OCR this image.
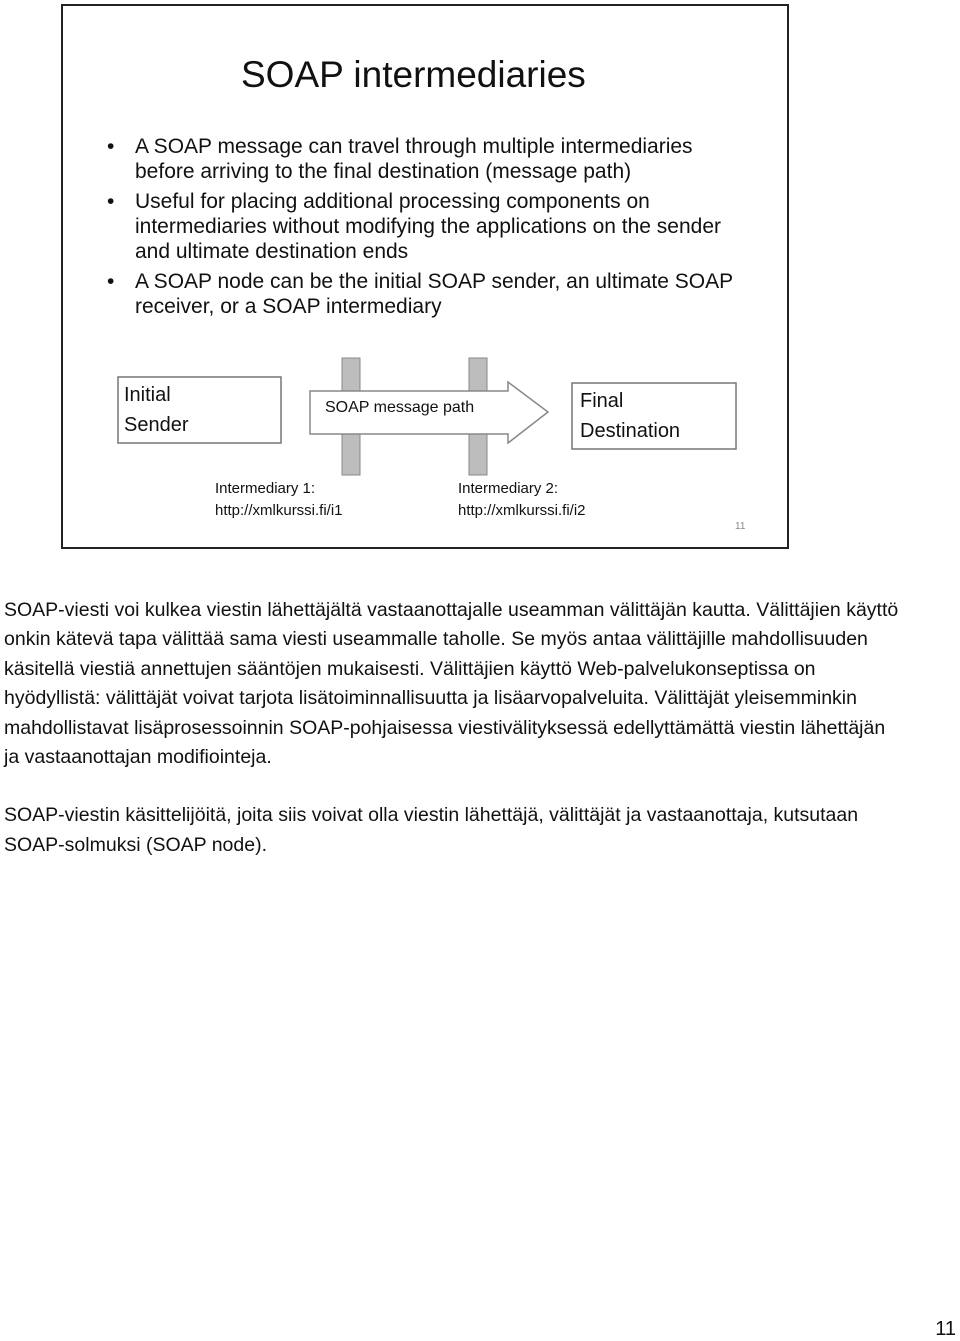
SOAP intermediaries
• A SOAP message can travel through multiple intermediaries before arriving to the final destination (message path)
• Useful for placing additional processing components on intermediaries without modifying the applications on the sender and ultimate destination ends
• A SOAP node can be the initial SOAP sender, an ultimate SOAP receiver, or a SOAP intermediary
Initial
Sender
SOAP message path	Final
Destination
Intermediary 1:
http://xmlkurssi.fi/i1
Intermediary 2:
http://xmlkurssi.fi/i2
11

SOAP-viesti voi kulkea viestin lähettäjältä vastaanottajalle useamman välittäjän kautta. Välittäjien käyttö onkin kätevä tapa välittää sama viesti useammalle taholle. Se myös antaa välittäjille mahdollisuuden käsitellä viestiä annettujen sääntöjen mukaisesti. Välittäjien käyttö Web-palvelukonseptissa on hyödyllistä: välittäjät voivat tarjota lisätoiminnallisuutta ja lisäarvopalveluita. Välittäjät yleisemminkin mahdollistavat lisäprosessoinnin SOAP-pohjaisessa viestivälityksessä edellyttämättä viestin lähettäjän ja vastaanottajan modifiointeja.

SOAP-viestin käsittelijöitä, joita siis voivat olla viestin lähettäjä, välittäjät ja vastaanottaja, kutsutaan SOAP-solmuksi (SOAP node).

11
